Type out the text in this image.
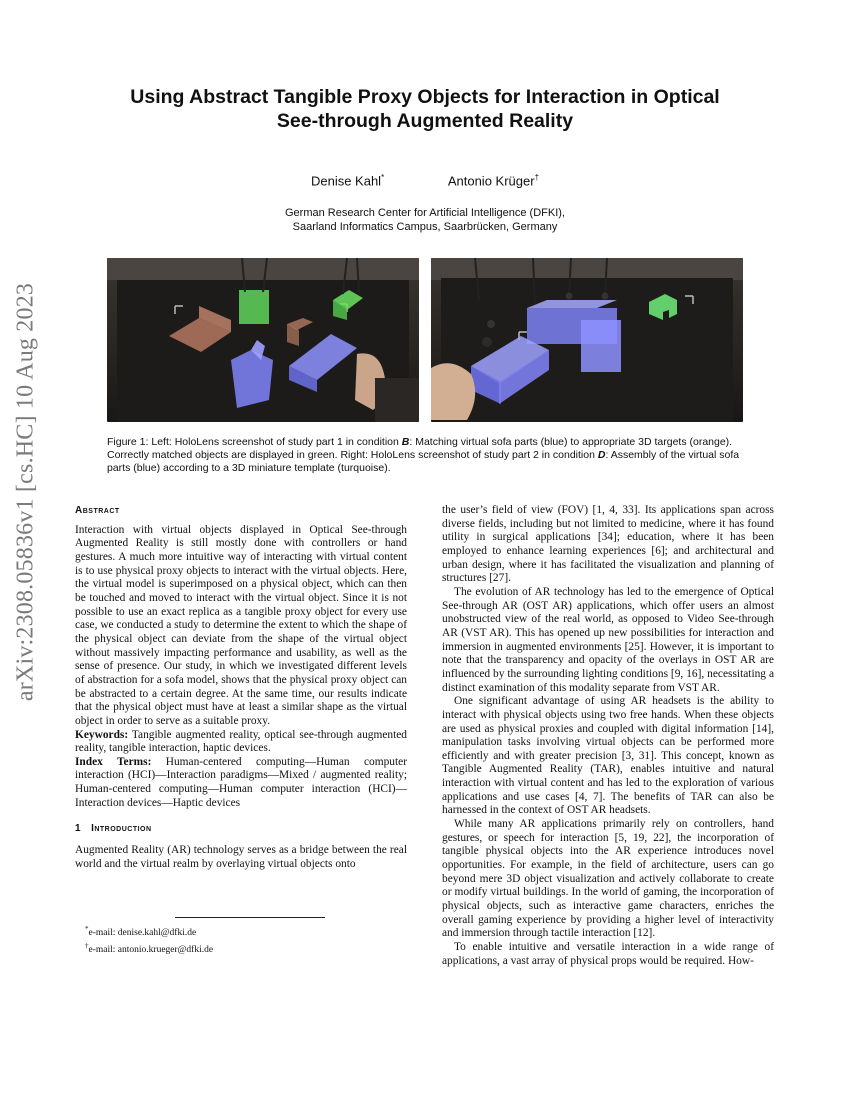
arXiv:2308.05836v1 [cs.HC] 10 Aug 2023
Using Abstract Tangible Proxy Objects for Interaction in Optical
See-through Augmented Reality
Denise Kahl*	Antonio Krüger†
German Research Center for Artificial Intelligence (DFKI),
Saarland Informatics Campus, Saarbrücken, Germany
Figure 1: Left: HoloLens screenshot of study part 1 in condition B: Matching virtual sofa parts (blue) to appropriate 3D targets (orange). Correctly matched objects are displayed in green. Right: HoloLens screenshot of study part 2 in condition D: Assembly of the virtual sofa parts (blue) according to a 3D miniature template (turquoise).
Abstract

Interaction with virtual objects displayed in Optical See-through Augmented Reality is still mostly done with controllers or hand gestures. A much more intuitive way of interacting with virtual content is to use physical proxy objects to interact with the virtual objects. Here, the virtual model is superimposed on a physical object, which can then be touched and moved to interact with the virtual object. Since it is not possible to use an exact replica as a tangible proxy object for every use case, we conducted a study to determine the extent to which the shape of the physical object can deviate from the shape of the virtual object without massively impacting performance and usability, as well as the sense of presence. Our study, in which we investigated different levels of abstraction for a sofa model, shows that the physical proxy object can be abstracted to a certain degree. At the same time, our results indicate that the physical object must have at least a similar shape as the virtual object in order to serve as a suitable proxy.

Keywords: Tangible augmented reality, optical see-through augmented reality, tangible interaction, haptic devices.

Index Terms: Human-centered computing—Human computer interaction (HCI)—Interaction paradigms—Mixed / augmented reality; Human-centered computing—Human computer interaction (HCI)—Interaction devices—Haptic devices

1 Introduction

Augmented Reality (AR) technology serves as a bridge between the real world and the virtual realm by overlaying virtual objects onto

*e-mail: denise.kahl@dfki.de
†e-mail: antonio.krueger@dfki.de

the user’s field of view (FOV) [1, 4, 33]. Its applications span across diverse fields, including but not limited to medicine, where it has found utility in surgical applications [34]; education, where it has been employed to enhance learning experiences [6]; and architectural and urban design, where it has facilitated the visualization and planning of structures [27].

The evolution of AR technology has led to the emergence of Optical See-through AR (OST AR) applications, which offer users an almost unobstructed view of the real world, as opposed to Video See-through AR (VST AR). This has opened up new possibilities for interaction and immersion in augmented environments [25]. However, it is important to note that the transparency and opacity of the overlays in OST AR are influenced by the surrounding lighting conditions [9, 16], necessitating a distinct examination of this modality separate from VST AR.

One significant advantage of using AR headsets is the ability to interact with physical objects using two free hands. When these objects are used as physical proxies and coupled with digital information [14], manipulation tasks involving virtual objects can be performed more efficiently and with greater precision [3, 31]. This concept, known as Tangible Augmented Reality (TAR), enables intuitive and natural interaction with virtual content and has led to the exploration of various applications and use cases [4, 7]. The benefits of TAR can also be harnessed in the context of OST AR headsets.

While many AR applications primarily rely on controllers, hand gestures, or speech for interaction [5, 19, 22], the incorporation of tangible physical objects into the AR experience introduces novel opportunities. For example, in the field of architecture, users can go beyond mere 3D object visualization and actively collaborate to create or modify virtual buildings. In the world of gaming, the incorporation of physical objects, such as interactive game characters, enriches the overall gaming experience by providing a higher level of interactivity and immersion through tactile interaction [12].

To enable intuitive and versatile interaction in a wide range of applications, a vast array of physical props would be required. How-
